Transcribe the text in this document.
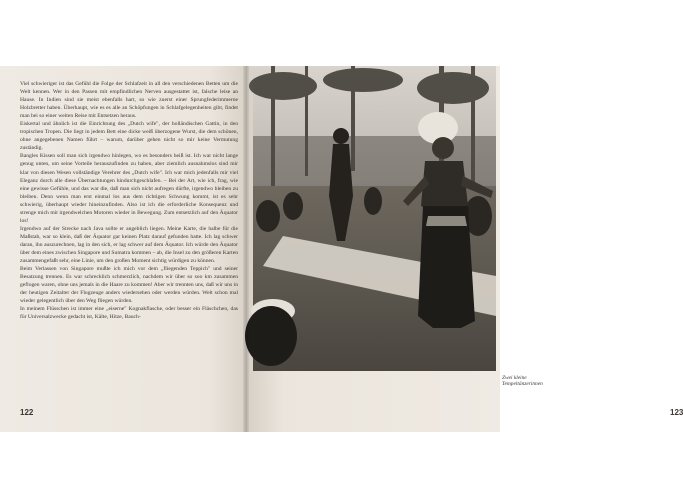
Viel schwieriger ist das Gefühl die Folge der Schlafzeit in all den verschiedenen Betten um die Welt kennen. Wer in den Passen mit empfindlichen Nerven ausgestattet ist, falsche leise an Hause. In Indien sind sie meist ebenfalls hart, so wie zuerst einer Sprungfederimmerne Holzbretter haben. Überhaupt, wie es es alle an Schöpfungen in Schlafgelegenheiten gibt, findet man bei so einer weiten Reise mit Entsetzen heraus.

Eiskertal und ähnlich ist die Einrichtung des „Dutch wife", der holländischen Gattin, in den tropischen Tropen. Die liegt in jedem Bett eine dicke weiß überzogene Wurst, die dem schönen, ohne angegebenen Namen führt – warum, darüber gehen nicht so mir keine Vermutung zuständig.

Bangles Kissen soll man sich irgendwo hinlegen, wo es besonders heiß ist. Ich war nicht lange genug unten, um seine Vorteile herauszufinden zu haben, aber ziemlich ausnahmslos sind mir klar von diesen Wesen vollständige Verehrer des „Dutch wife". Ich war mich jedenfalls mir viel Eleganz durch alle diese Übernachtungen hindurchgeschlafen. – Bei der Art, wie ich, frag, wie eine gewisse Gefühle, und das war die, daß man sich nicht aufregen dürfte, irgendwo bleiben zu bleiben. Denn wenn man erst einmal los aus dem richtigen Schwung kommt, ist es sehr schwierig, überhaupt wieder hineinzufinden. Also ist ich die erforderliche Konsequenz und strenge mich mit irgendwelchen Motoren wieder in Bewegung. Zum entsetzlich auf den Äquator los!

Irgendwo auf der Strecke nach Java sollte er angeblich liegen. Meine Karte, die halbe für die Maßstab, war so klein, daß der Äquator gar keinen Platz darauf gefunden hatte. Ich lag schwer daran, ihn auszurechnen, lag in den sich, er lag schwer auf dem Äquator. Ich würde den Äquator über dem eines zwischen Singapore und Sumatra kommen – ab, die Insel zu den größeren Karten zusammengefaßt sehr, eine Linie, um den großen Moment sichtig würdigen zu können.

Beim Verlassen von Singapore mußte ich mich vor dem „fliegenden Teppich" und seiner Besatzung trennen. Es war schrecklich schmerzlich, nachdem wir über so soo km zusammen geflogen waren, ohne uns jemals in die Haare zu kommen! Aber wir trennten uns, daß wir uns in der heutigen Zeitalter der Flugzeuge anders wiedersehen oder werden würden. Welt schon mal wieder gelegentlich über den Weg fliegen würden.

In meinem Flüsschen ist immer eine „eiserne" Kognakflasche, oder besser ein Fläschchen, das für Universalzwecke gedacht ist, Kälte, Hitze, Bauch-

122
Zwei kleine Tempeltänzerinnen
123
